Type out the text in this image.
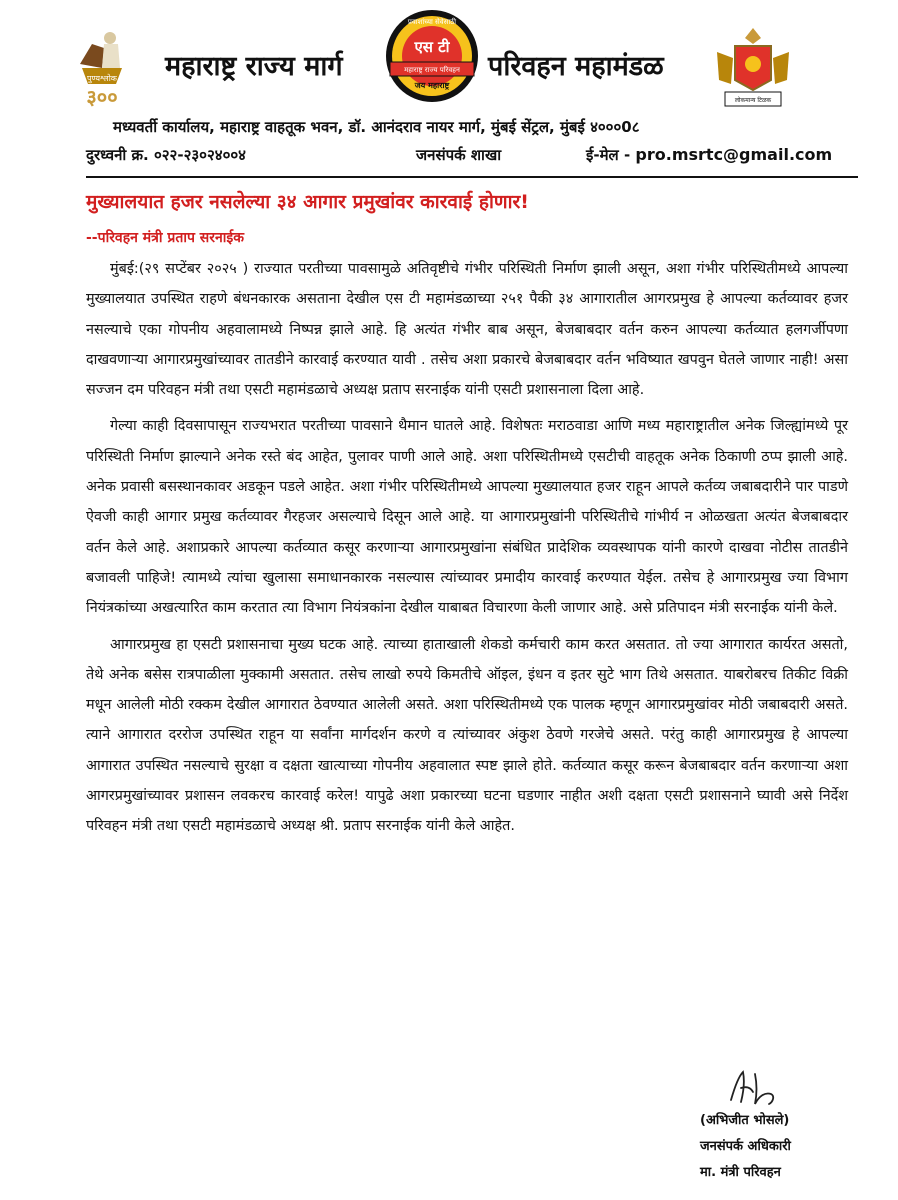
पुण्यश्लोक
३००
महाराष्ट्र राज्य मार्ग
प्रवाशांच्या सेवेसाठी
एस टी
महाराष्ट्र राज्य परिवहन
जय महाराष्ट्र
परिवहन महामंडळ
लोकमान्य टिळक
मध्यवर्ती कार्यालय, महाराष्ट्र वाहतूक भवन, डॉ. आनंदराव नायर मार्ग, मुंबई सेंट्रल, मुंबई ४०००0८
दुरध्वनी क्र. ०२२-२३०२४००४	जनसंपर्क शाखा	ई-मेल - pro.msrtc@gmail.com
मुख्यालयात हजर नसलेल्या ३४ आगार प्रमुखांवर कारवाई होणार!
--परिवहन मंत्री प्रताप सरनाईक

मुंबई:(२९ सप्टेंबर २०२५ ) राज्यात परतीच्या पावसामुळे अतिवृष्टीचे गंभीर परिस्थिती निर्माण झाली असून, अशा गंभीर परिस्थितीमध्ये आपल्या मुख्यालयात उपस्थित राहणे बंधनकारक असताना देखील एस टी महामंडळाच्या २५१ पैकी ३४ आगारातील आगरप्रमुख हे आपल्या कर्तव्यावर हजर नसल्याचे एका गोपनीय अहवालामध्ये निष्पन्न झाले आहे. हि अत्यंत गंभीर बाब असून, बेजबाबदार वर्तन करुन आपल्या कर्तव्यात हलगर्जीपणा दाखवणाऱ्या आगारप्रमुखांच्यावर तातडीने कारवाई करण्यात यावी . तसेच अशा प्रकारचे बेजबाबदार वर्तन भविष्यात खपवुन घेतले जाणार नाही! असा सज्जन दम परिवहन मंत्री तथा एसटी महामंडळाचे अध्यक्ष प्रताप सरनाईक यांनी एसटी प्रशासनाला दिला आहे.

गेल्या काही दिवसापासून राज्यभरात परतीच्या पावसाने थैमान घातले आहे. विशेषतः मराठवाडा आणि मध्य महाराष्ट्रातील अनेक जिल्ह्यांमध्ये पूर परिस्थिती निर्माण झाल्याने अनेक रस्ते बंद आहेत, पुलावर पाणी आले आहे. अशा परिस्थितीमध्ये एसटीची वाहतूक अनेक ठिकाणी ठप्प झाली आहे. अनेक प्रवासी बसस्थानकावर अडकून पडले आहेत. अशा गंभीर परिस्थितीमध्ये आपल्या मुख्यालयात हजर राहून आपले कर्तव्य जबाबदारीने पार पाडणे ऐवजी काही आगार प्रमुख कर्तव्यावर गैरहजर असल्याचे दिसून आले आहे. या आगारप्रमुखांनी परिस्थितीचे गांभीर्य न ओळखता अत्यंत बेजबाबदार वर्तन केले आहे. अशाप्रकारे आपल्या कर्तव्यात कसूर करणाऱ्या आगारप्रमुखांना संबंधित प्रादेशिक व्यवस्थापक यांनी कारणे दाखवा नोटीस तातडीने बजावली पाहिजे! त्यामध्ये त्यांचा खुलासा समाधानकारक नसल्यास त्यांच्यावर प्रमादीय कारवाई करण्यात येईल. तसेच हे आगारप्रमुख ज्या विभाग नियंत्रकांच्या अखत्यारित काम करतात त्या विभाग नियंत्रकांना देखील याबाबत विचारणा केली जाणार आहे. असे प्रतिपादन मंत्री सरनाईक यांनी केले.

आगारप्रमुख हा एसटी प्रशासनाचा मुख्य घटक आहे. त्याच्या हाताखाली शेकडो कर्मचारी काम करत असतात. तो ज्या आगारात कार्यरत असतो, तेथे अनेक बसेस रात्रपाळीला मुक्कामी असतात. तसेच लाखो रुपये किमतीचे ऑइल, इंधन व इतर सुटे भाग तिथे असतात. याबरोबरच तिकीट विक्री मधून आलेली मोठी रक्कम देखील आगारात ठेवण्यात आलेली असते. अशा परिस्थितीमध्ये एक पालक म्हणून आगारप्रमुखांवर मोठी जबाबदारी असते. त्याने आगारात दररोज उपस्थित राहून या सर्वांना मार्गदर्शन करणे व त्यांच्यावर अंकुश ठेवणे गरजेचे असते. परंतु काही आगारप्रमुख हे आपल्या आगारात उपस्थित नसल्याचे सुरक्षा व दक्षता खात्याच्या गोपनीय अहवालात स्पष्ट झाले होते. कर्तव्यात कसूर करून बेजबाबदार वर्तन करणाऱ्या अशा आगरप्रमुखांच्यावर प्रशासन लवकरच कारवाई करेल! यापुढे अशा प्रकारच्या घटना घडणार नाहीत अशी दक्षता एसटी प्रशासनाने घ्यावी असे निर्देश परिवहन मंत्री तथा एसटी महामंडळाचे अध्यक्ष श्री. प्रताप सरनाईक यांनी केले आहेत.

(अभिजीत भोसले)
जनसंपर्क अधिकारी
मा. मंत्री परिवहन
